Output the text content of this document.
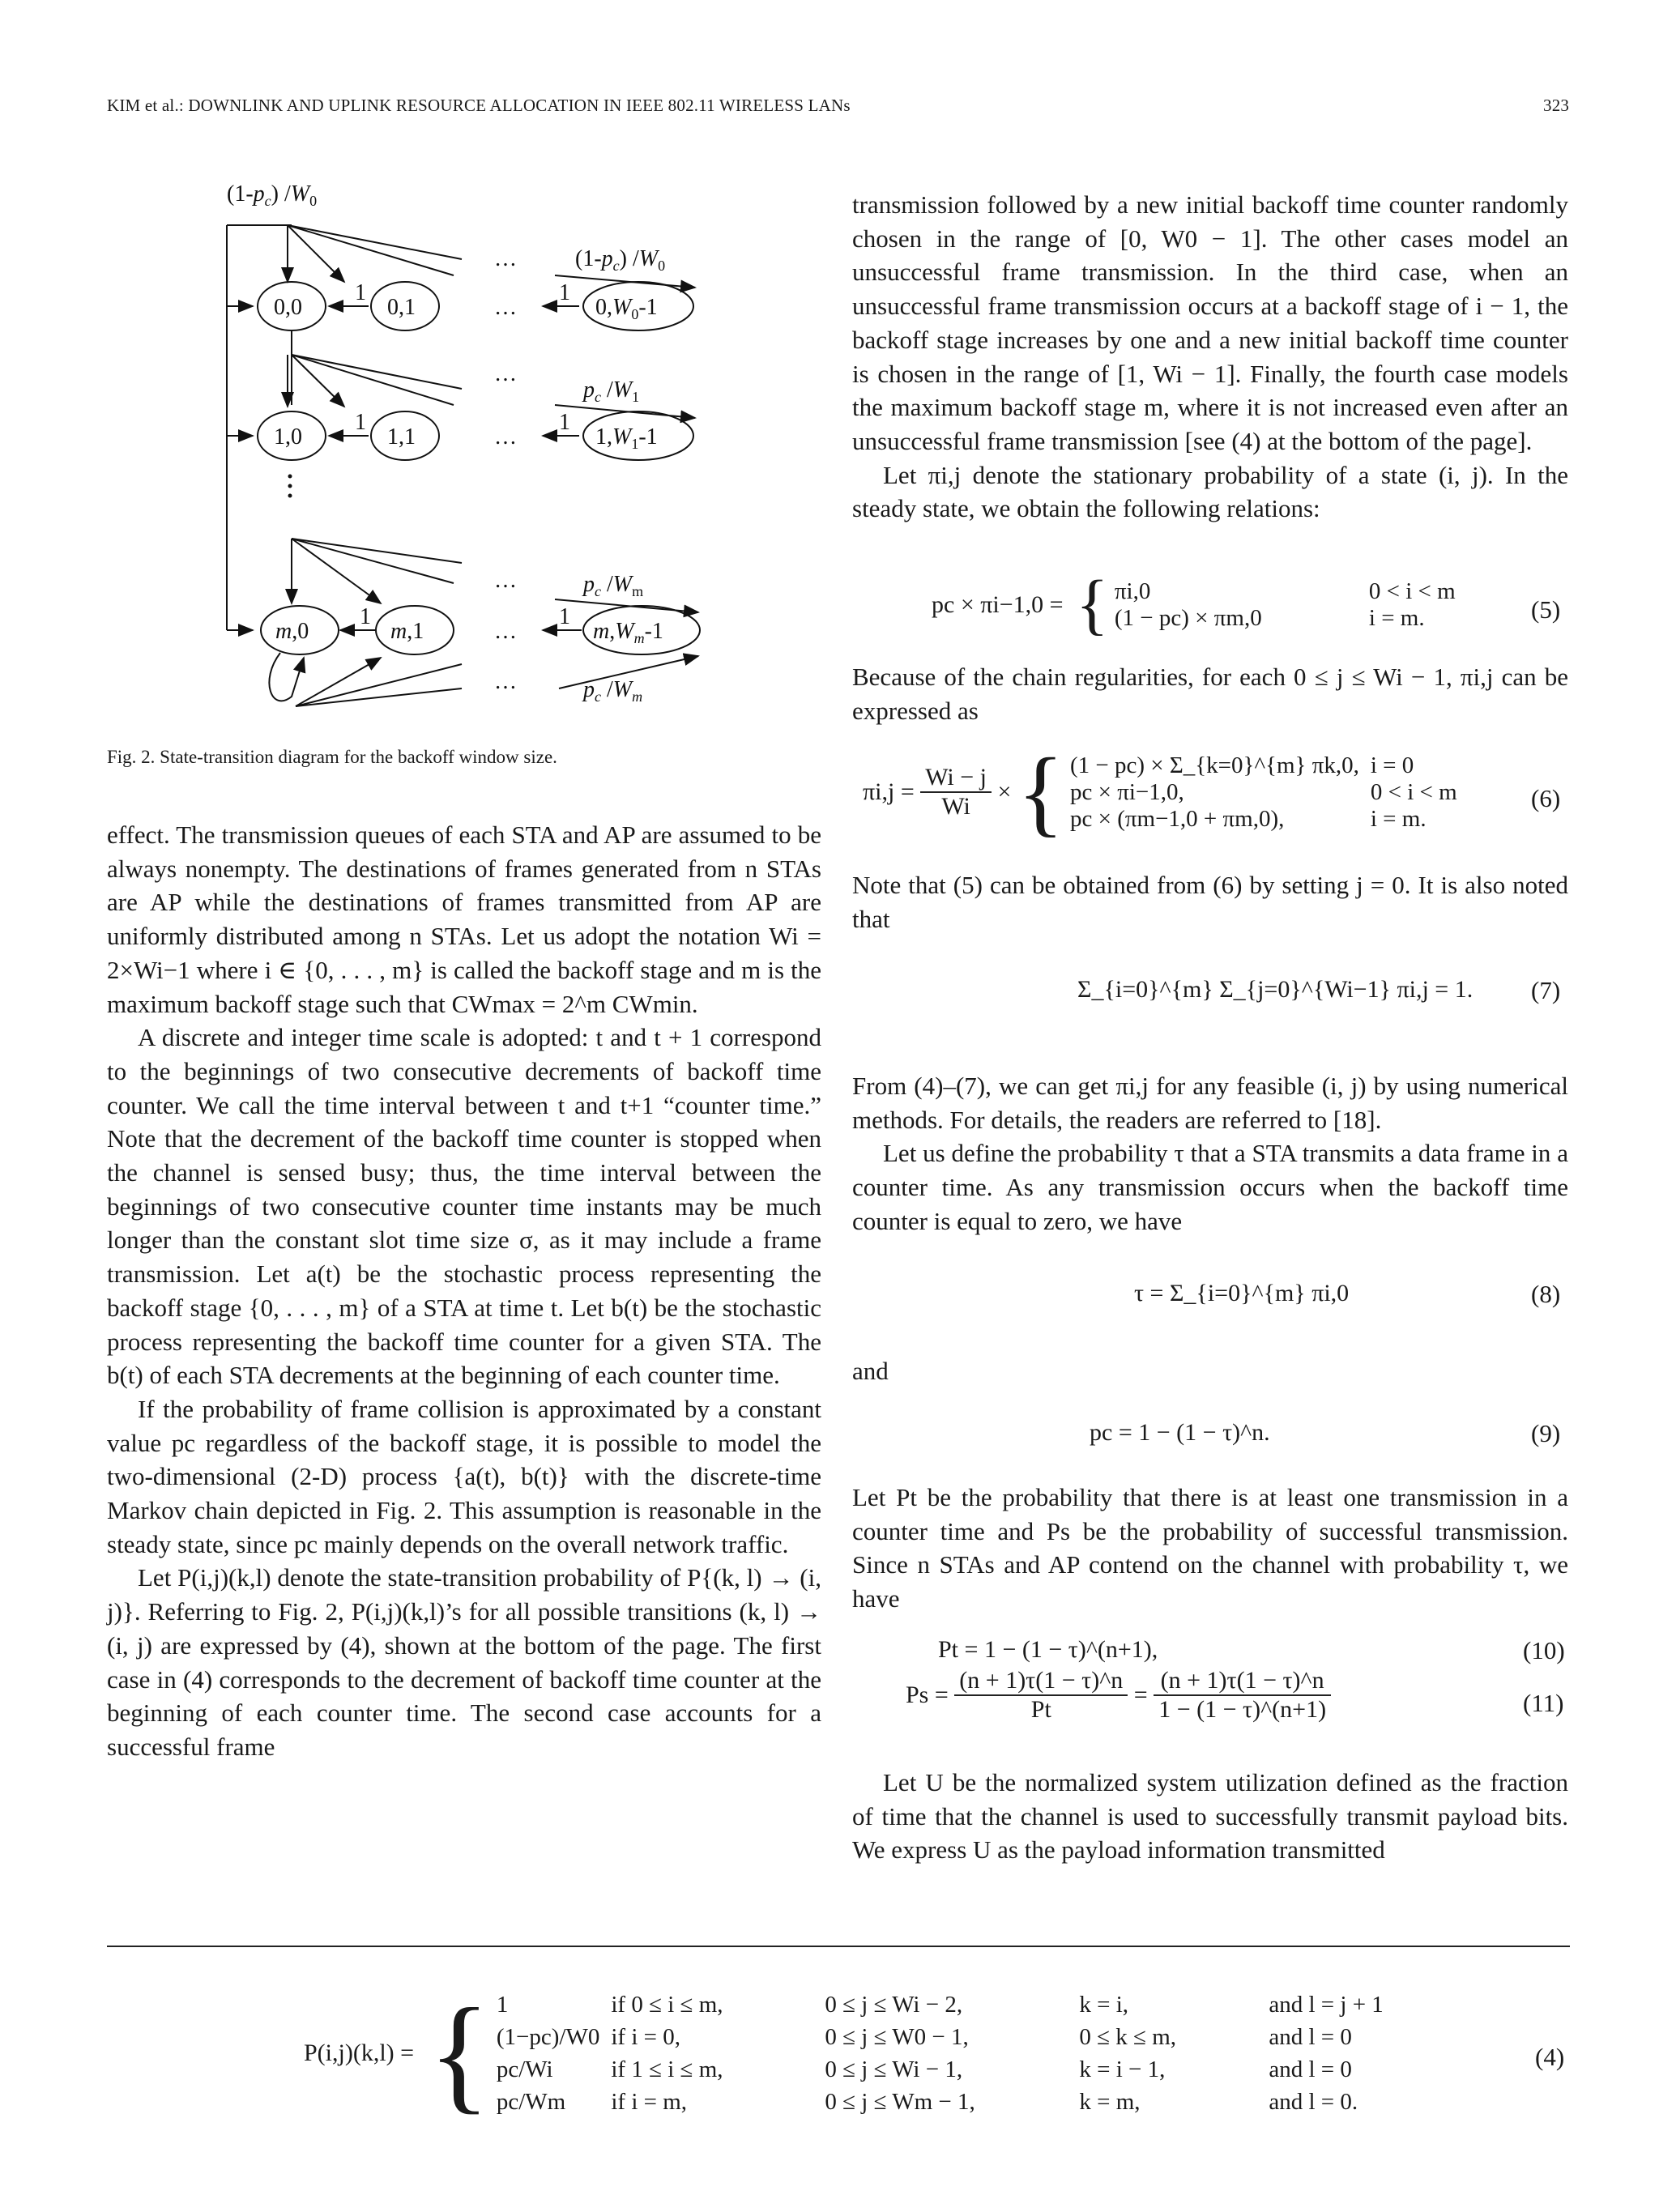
KIM et al.: DOWNLINK AND UPLINK RESOURCE ALLOCATION IN IEEE 802.11 WIRELESS LANs	323
$(1-p_c)$ $/W_0$
$(1-p_c)$ $/W_0$
$p_c$ $/W_1$
$p_c$ $/W_m$
$p_c$ $/W_m$
0,0	0,1	$0,W_0-1$
1,0	1,1	$1,W_1-1$
m,0	m,1	$m,W_m-1$
1	1
1	1
1	1
…
…
…
…
…
…
…
Fig. 2. State-transition diagram for the backoff window size.

effect. The transmission queues of each STA and AP are assumed to be always nonempty. The destinations of frames generated from n STAs are AP while the destinations of frames transmitted from AP are uniformly distributed among n STAs. Let us adopt the notation Wi = 2×Wi−1 where i ∈ {0, . . . , m} is called the backoff stage and m is the maximum backoff stage such that CWmax = 2^m CWmin.

A discrete and integer time scale is adopted: t and t + 1 correspond to the beginnings of two consecutive decrements of backoff time counter. We call the time interval between t and t+1 “counter time.” Note that the decrement of the backoff time counter is stopped when the channel is sensed busy; thus, the time interval between the beginnings of two consecutive counter time instants may be much longer than the constant slot time size σ, as it may include a frame transmission. Let a(t) be the stochastic process representing the backoff stage {0, . . . , m} of a STA at time t. Let b(t) be the stochastic process representing the backoff time counter for a given STA. The b(t) of each STA decrements at the beginning of each counter time.

If the probability of frame collision is approximated by a constant value pc regardless of the backoff stage, it is possible to model the two-dimensional (2-D) process {a(t), b(t)} with the discrete-time Markov chain depicted in Fig. 2. This assumption is reasonable in the steady state, since pc mainly depends on the overall network traffic.

Let P(i,j)(k,l) denote the state-transition probability of P{(k, l) → (i, j)}. Referring to Fig. 2, P(i,j)(k,l)’s for all possible transitions (k, l) → (i, j) are expressed by (4), shown at the bottom of the page. The first case in (4) corresponds to the decrement of backoff time counter at the beginning of each counter time. The second case accounts for a successful frame

transmission followed by a new initial backoff time counter randomly chosen in the range of [0, W0 − 1]. The other cases model an unsuccessful frame transmission. In the third case, when an unsuccessful frame transmission occurs at a backoff stage of i − 1, the backoff stage increases by one and a new initial backoff time counter is chosen in the range of [1, Wi − 1]. Finally, the fourth case models the maximum backoff stage m, where it is not increased even after an unsuccessful frame transmission [see (4) at the bottom of the page].

Let πi,j denote the stationary probability of a state (i, j). In the steady state, we obtain the following relations:

pc × πi−1,0 = { πi,0	0 < i < m
(1 − pc) × πm,0	i = m.	(5)

Because of the chain regularities, for each 0 ≤ j ≤ Wi − 1, πi,j can be expressed as

$\pi i,j = \frac{Wi - j}{Wi}$ × { (1 − pc) × Σ_{k=0}^{m} πk,0,	i = 0
pc × πi−1,0,	0 < i < m
pc × (πm−1,0 + πm,0),	i = m.
(6)

Note that (5) can be obtained from (6) by setting j = 0. It is also noted that

Σ_{i=0}^{m} Σ_{j=0}^{Wi−1} πi,j = 1. (7)

From (4)–(7), we can get πi,j for any feasible (i, j) by using numerical methods. For details, the readers are referred to [18].

Let us define the probability τ that a STA transmits a data frame in a counter time. As any transmission occurs when the backoff time counter is equal to zero, we have

τ = Σ_{i=0}^{m} πi,0	(8)

and

pc = 1 − (1 − τ)^n.	(9)

Let Pt be the probability that there is at least one transmission in a counter time and Ps be the probability of successful transmission. Since n STAs and AP contend on the channel with probability τ, we have

Pt = 1 − (1 − τ)^(n+1),	(10)
$Ps = \frac{(n + 1)\tau(1 - \tau)\^{}n}{Pt} = \frac{(n + 1)\tau(1 - \tau)\^{}n}{1 - (1 - \tau)\^{}(n+1)}$	(11)

Let U be the normalized system utilization defined as the fraction of time that the channel is used to successfully transmit payload bits. We express U as the payload information transmitted

P(i,j)(k,l) = { 1	if 0 ≤ i ≤ m,	0 ≤ j ≤ Wi − 2,	k = i,	and l = j + 1
(1−pc)/W0	if i = 0,	0 ≤ j ≤ W0 − 1,	0 ≤ k ≤ m,	and l = 0
pc/Wi	if 1 ≤ i ≤ m,	0 ≤ j ≤ Wi − 1,	k = i − 1,	and l = 0
pc/Wm	if i = m,	0 ≤ j ≤ Wm − 1,	k = m,	and l = 0.
(4)
